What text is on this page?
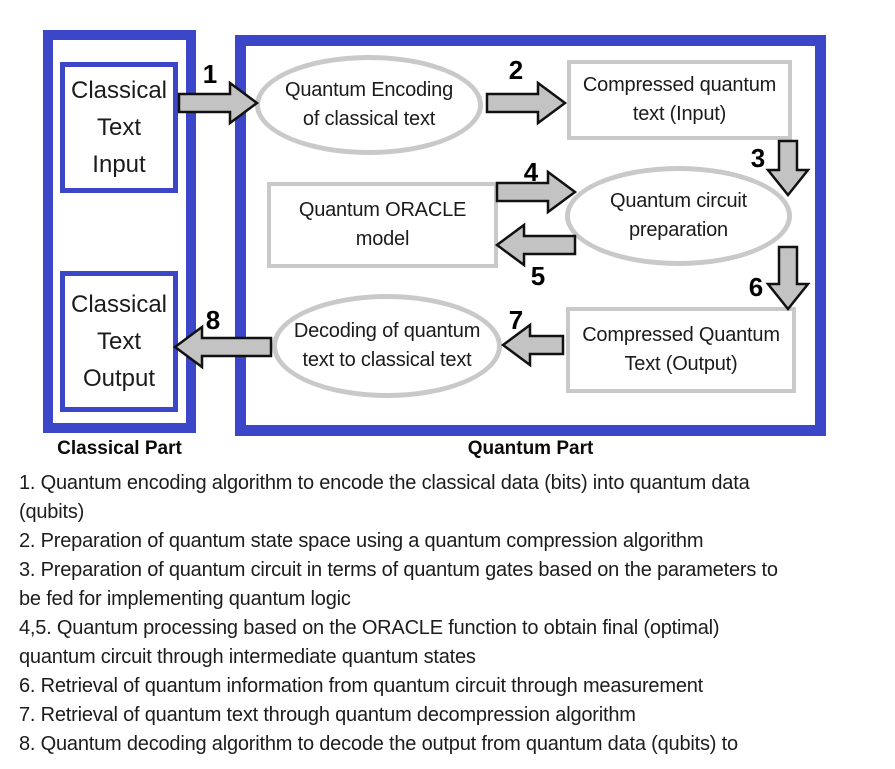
Classical
Text
Input
Classical
Text
Output
Quantum Encoding
of classical text
Compressed quantum
text (Input)
Quantum ORACLE
model
Quantum circuit
preparation
Compressed Quantum
Text (Output)
Decoding of quantum
text to classical text
1	2
3
4
5	6
7
8
Classical Part	Quantum Part
1. Quantum encoding algorithm to encode the classical data (bits) into quantum data
(qubits)
2. Preparation of quantum state space using a quantum compression algorithm
3. Preparation of quantum circuit in terms of quantum gates based on the parameters to
be fed for implementing quantum logic
4,5. Quantum processing based on the ORACLE function to obtain final (optimal)
quantum circuit through intermediate quantum states
6. Retrieval of quantum information from quantum circuit through measurement
7. Retrieval of quantum text through quantum decompression algorithm
8. Quantum decoding algorithm to decode the output from quantum data (qubits) to
